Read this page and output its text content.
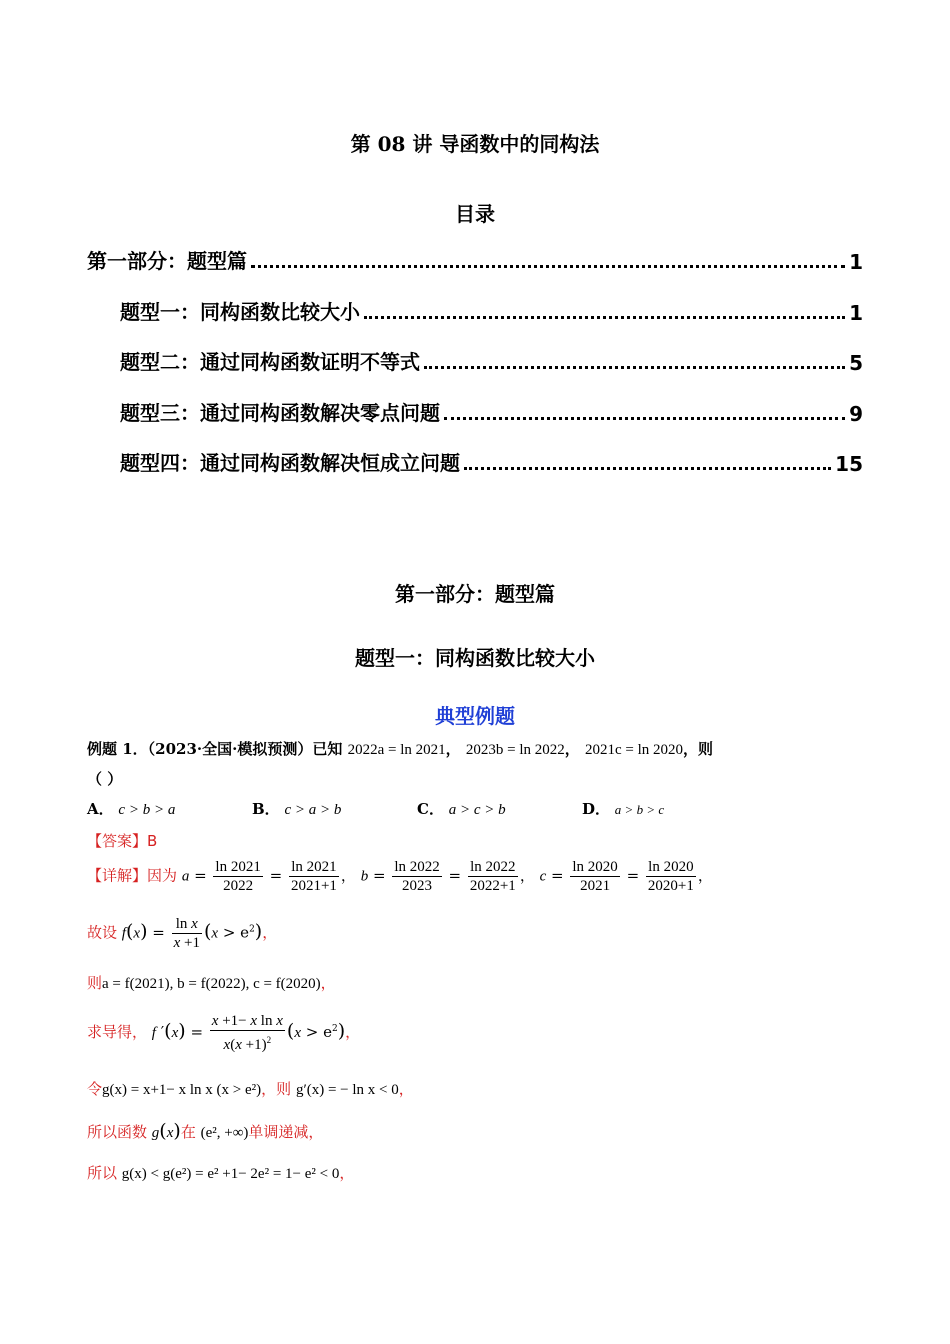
第 08 讲 导函数中的同构法
目录
第一部分：题型篇	1
题型一：同构函数比较大小	1
题型二：通过同构函数证明不等式	5
题型三：通过同构函数解决零点问题	9
题型四：通过同构函数解决恒成立问题	15
第一部分：题型篇
题型一：同构函数比较大小
典型例题
例题 1．（2023·全国·模拟预测）已知 2022a = ln 2021， 2023b = ln 2022， 2021c = ln 2020，则
（ ）
A． c > b > a	B． c > a > b	C． a > c > b	D． a > b > c
【答案】B
【详解】因为 $a = \frac{\ln 2021}{2022} = \frac{\ln 2021}{2021+1}$ ， $b = \frac{\ln 2022}{2023} = \frac{\ln 2022}{2022+1}$ ， $c = \frac{\ln 2020}{2021} = \frac{\ln 2020}{2020+1}$ ，
故设 $f(x) = \frac{\text{ln x}}{x +1} (x > e^2)$，
则a = f(2021), b = f(2022), c = f(2020)，
求导得， f $'(x) = \frac{\text{x +1− x ln x}}{x(x +1)^2} (x > e^2)$，
令g(x) = x+1− x ln x (x > e²)，则 g′(x) = − ln x < 0，
所以函数 g(x)在 (e², +∞)单调递减，
所以 g(x) < g(e²) = e² +1− 2e² = 1− e² < 0，
